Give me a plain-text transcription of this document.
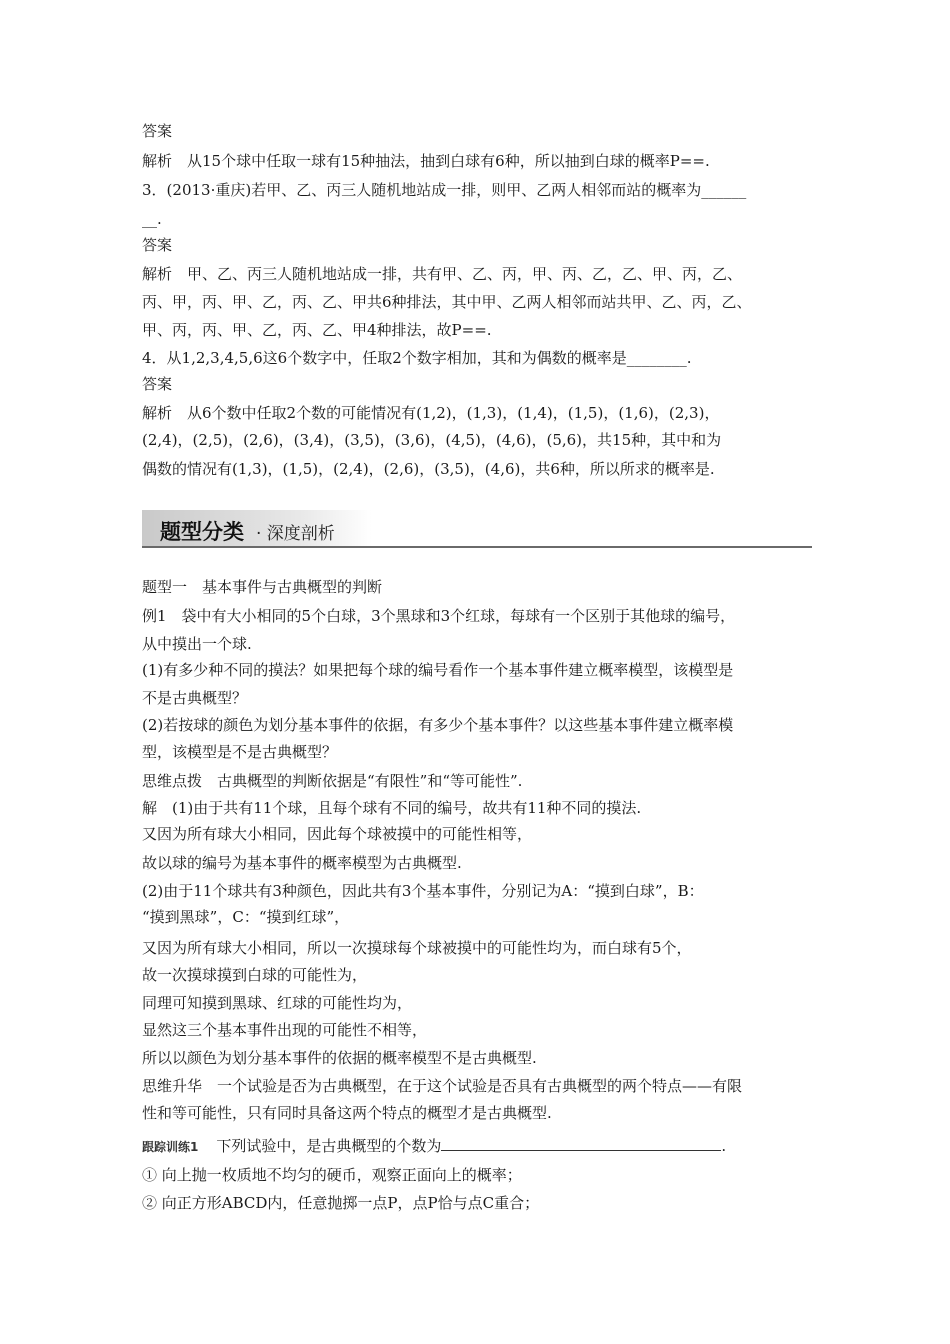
答案
解析　从15个球中任取一球有15种抽法，抽到白球有6种，所以抽到白球的概率P==.
3．(2013·重庆)若甲、乙、丙三人随机地站成一排，则甲、乙两人相邻而站的概率为______
__.
答案
解析　甲、乙、丙三人随机地站成一排，共有甲、乙、丙，甲、丙、乙，乙、甲、丙，乙、
丙、甲，丙、甲、乙，丙、乙、甲共6种排法，其中甲、乙两人相邻而站共甲、乙、丙，乙、
甲、丙，丙、甲、乙，丙、乙、甲4种排法，故P==.
4．从1,2,3,4,5,6这6个数字中，任取2个数字相加，其和为偶数的概率是________.
答案
解析　从6个数中任取2个数的可能情况有(1,2)，(1,3)，(1,4)，(1,5)，(1,6)，(2,3)，
(2,4)，(2,5)，(2,6)，(3,4)，(3,5)，(3,6)，(4,5)，(4,6)，(5,6)，共15种，其中和为
偶数的情况有(1,3)，(1,5)，(2,4)，(2,6)，(3,5)，(4,6)，共6种，所以所求的概率是.
题型分类 · 深度剖析
题型一　基本事件与古典概型的判断
例1　袋中有大小相同的5个白球，3个黑球和3个红球，每球有一个区别于其他球的编号，
从中摸出一个球.
(1)有多少种不同的摸法？如果把每个球的编号看作一个基本事件建立概率模型，该模型是
不是古典概型？
(2)若按球的颜色为划分基本事件的依据，有多少个基本事件？以这些基本事件建立概率模
型，该模型是不是古典概型？
思维点拨　古典概型的判断依据是“有限性”和“等可能性”.
解　(1)由于共有11个球，且每个球有不同的编号，故共有11种不同的摸法.
又因为所有球大小相同，因此每个球被摸中的可能性相等，
故以球的编号为基本事件的概率模型为古典概型.
(2)由于11个球共有3种颜色，因此共有3个基本事件，分别记为A：“摸到白球”，B：
“摸到黑球”，C：“摸到红球”，
又因为所有球大小相同，所以一次摸球每个球被摸中的可能性均为，而白球有5个，
故一次摸球摸到白球的可能性为，
同理可知摸到黑球、红球的可能性均为，
显然这三个基本事件出现的可能性不相等，
所以以颜色为划分基本事件的依据的概率模型不是古典概型.
思维升华　一个试验是否为古典概型，在于这个试验是否具有古典概型的两个特点——有限
性和等可能性，只有同时具备这两个特点的概型才是古典概型.
跟踪训练1 下列试验中，是古典概型的个数为	.
① 向上抛一枚质地不均匀的硬币，观察正面向上的概率；
② 向正方形ABCD内，任意抛掷一点P，点P恰与点C重合；
